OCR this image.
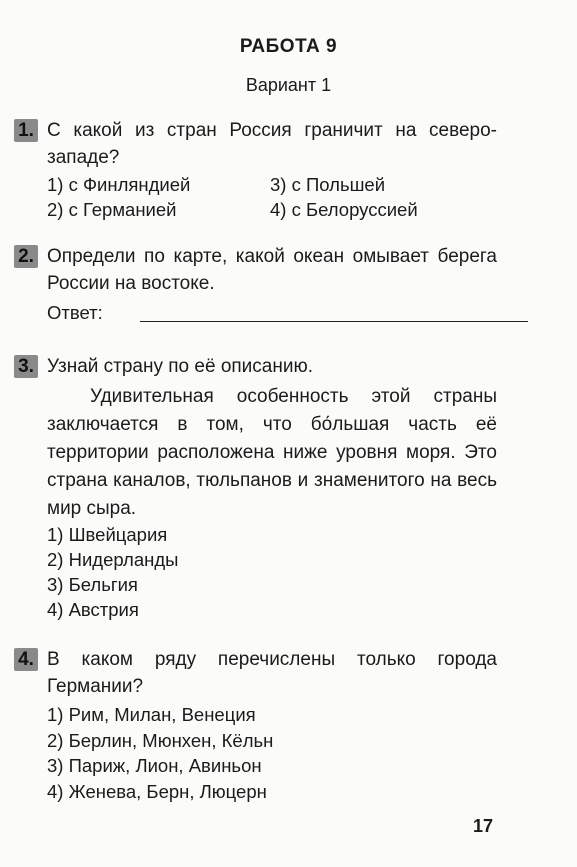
РАБОТА 9
Вариант 1
1. С какой из стран Россия граничит на северо-западе?
1) с Финляндией	3) с Польшей
2) с Германией	4) с Белоруссией
2. Определи по карте, какой океан омывает берега России на востоке.
Ответ:
3. Узнай страну по её описанию.
Удивительная особенность этой страны заключается в том, что бо́льшая часть её территории расположена ниже уровня моря. Это страна каналов, тюльпанов и знаменитого на весь мир сыра.
1) Швейцария
2) Нидерланды
3) Бельгия
4) Австрия
4. В каком ряду перечислены только города Германии?
1) Рим, Милан, Венеция
2) Берлин, Мюнхен, Кёльн
3) Париж, Лион, Авиньон
4) Женева, Берн, Люцерн
17
